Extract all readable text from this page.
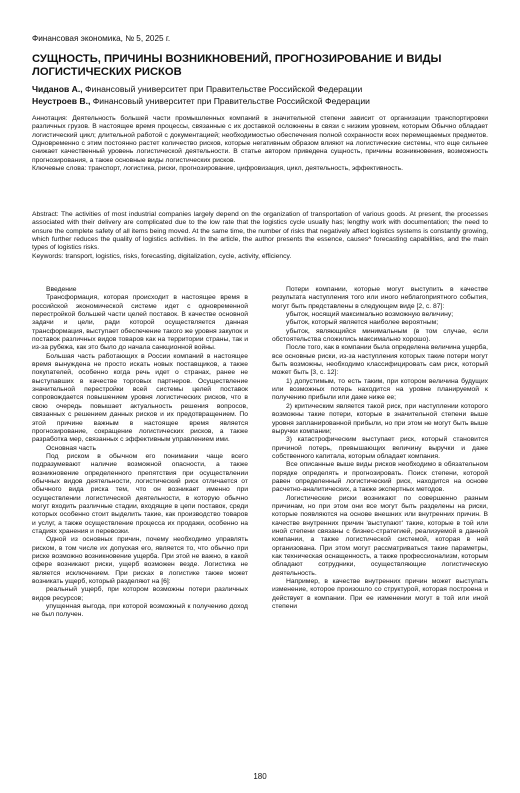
Финансовая экономика, № 5, 2025 г.
СУЩНОСТЬ, ПРИЧИНЫ ВОЗНИКНОВЕНИЙ, ПРОГНОЗИРОВАНИЕ И ВИДЫ ЛОГИСТИЧЕСКИХ РИСКОВ
Чиданов А., Финансовый университет при Правительстве Российской Федерации
Неустроев В., Финансовый университет при Правительстве Российской Федерации
Аннотация: Деятельность большей части промышленных компаний в значительной степени зависит от организации транспортировки различных грузов. В настоящее время процессы, связанные с их доставкой осложнены в связи с низким уровнем, которым Обычно обладает логистический цикл; длительной работой с документацией; необходимостью обеспечения полной сохранности всех перемещаемых предметов. Одновременно с этим постоянно растет количество рисков, которые негативным образом влияют на логистические системы, что еще сильнее снижает качественный уровень логистической деятельности. В статье автором приведена сущность, причины возникновения, возможность прогнозирования, а также основные виды логистических рисков.
Ключевые слова: транспорт, логистика, риски, прогнозирование, цифровизация, цикл, деятельность, эффективность.
Abstract: The activities of most industrial companies largely depend on the organization of transportation of various goods. At present, the processes associated with their delivery are complicated due to the low rate that the logistics cycle usually has; lengthy work with documentation; the need to ensure the complete safety of all items being moved. At the same time, the number of risks that negatively affect logistics systems is constantly growing, which further reduces the quality of logistics activities. In the article, the author presents the essence, causes^ forecasting capabilities, and the main types of logistics risks.
Keywords: transport, logistics, risks, forecasting, digitalization, cycle, activity, efficiency.

Введение

Трансформация, которая происходит в настоящее время в российской экономической системе идет с одновременной перестройкой большей части целей поставок. В качестве основной задачи и цели, ради которой осуществляется данная трансформация, выступает обеспечение такого же уровня закупок и поставок различных видов товаров как на территории страны, так и из-за рубежа, как это было до начала санкционной войны.

Большая часть работающих в России компаний в настоящее время вынуждена не просто искать новых поставщиков, а также покупателей, особенно когда речь идет о странах, ранее не выступавших в качестве торговых партнеров. Осуществление значительной перестройки всей системы целей поставок сопровождается повышением уровня логистических рисков, что в свою очередь повышает актуальность решения вопросов, связанных с решением данных рисков и их предотвращением. По этой причине важным в настоящее время является прогнозирование, сокращение логистических рисков, а также разработка мер, связанных с эффективным управлением ими.

Основная часть

Под риском в обычном его понимании чаще всего подразумевают наличие возможной опасности, а также возникновение определенного препятствия при осуществлении обычных видов деятельности, логистический риск отличается от обычного вида риска тем, что он возникает именно при осуществлении логистической деятельности, в которую обычно могут входить различные стадии, входящие в цепи поставок, среди которых особенно стоит выделить такие, как производство товаров и услуг, а также осуществление процесса их продажи, особенно на стадиях хранения и перевозки.

Одной из основных причин, почему необходимо управлять риском, в том числе их допуская его, является то, что обычно при риске возможно возникновение ущерба. При этой не важно, в какой сфере возникают риски, ущерб возможен везде. Логистика не является исключением. При рисках в логистике также может возникать ущерб, который разделяют на [6]:

реальный ущерб, при котором возможны потери различных видов ресурсов;

упущенная выгода, при которой возможный к получению доход не был получен.

Потери компании, которые могут выступить в качестве результата наступления того или иного неблагоприятного события, могут быть представлены в следующем виде [2, с. 87]:

убыток, носящий максимально возможную величину;

убыток, который является наиболее вероятным;

убыток, являющийся минимальным (в том случае, если обстоятельства сложились максимально хорошо).

После того, как в компании была определена величина ущерба, все основные риски, из-за наступления которых такие потери могут быть возможны, необходимо классифицировать сам риск, который может быть [3, с. 12]:

1) допустимым, то есть таким, при котором величина будущих или возможных потерь находится на уровне планируемой к получению прибыли или даже ниже ее;

2) критическим является такой риск, при наступлении которого возможны такие потери, которые в значительной степени выше уровня запланированной прибыли, но при этом не могут быть выше выручки компании;

3) катастрофическим выступает риск, который становится причиной потерь, превышающих величину выручки и даже собственного капитала, которым обладает компания.

Все описанные выше виды рисков необходимо в обязательном порядке определять и прогнозировать. Поиск степени, которой равен определенный логистический риск, находится на основе расчетно-аналитических, а также экспертных методов.

Логистические риски возникают по совершенно разным причинам, но при этом они все могут быть разделены на риски, которые появляются на основе внешних или внутренних причин. В качестве внутренних причин 'выступают' такие, которые в той или иной степени связаны с бизнес-стратегией, реализуемой в данной компании, а также логистической системой, которая в ней организована. При этом могут рассматриваться такие параметры, как техническая оснащенность, а также профессионализм, которым обладают сотрудники, осуществляющие логистическую деятельность.

Например, в качестве внутренних причин может выступать изменение, которое произошло со структурой, которая построена и действует в компании. При ее изменении могут в той или иной степени

180
